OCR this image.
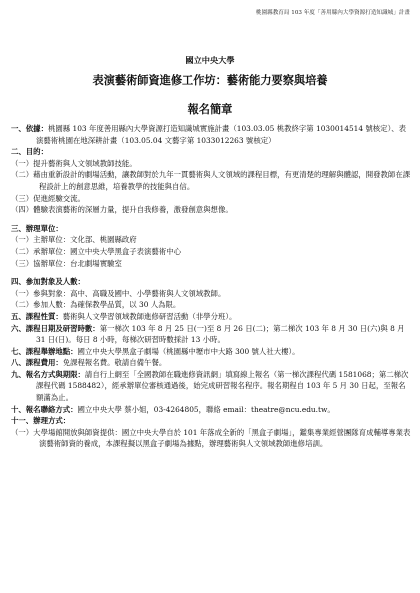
桃園縣教育局 103 年度「善用縣內大學資源打造知識城」計畫
國立中央大學
表演藝術師資進修工作坊：藝術能力要察與培養
報名簡章
一、依據：桃園縣 103 年度善用縣內大學資源打造知識城實施計畫（103.03.05 桃教終字第 1030014514 號核定）、表演藝術桃園在地深耕計畫（103.05.04 文藝字第 1033012263 號核定）
二、目的：
（一）提升藝術與人文領域教師技能。
（二）藉由重新設計的劇場活動，讓教師對於九年一貫藝術與人文領域的課程目標，有更清楚的理解與體認，開發教師在課程設計上的創意思維，培養教學的技能與自信。
（三）促進經驗交流。
（四）體驗表演藝術的深層力量，提升自我修養，激發創意與想像。
三、辦理單位：
（一）主辦單位：文化部、桃園縣政府
（二）承辦單位：國立中央大學黑盒子表演藝術中心
（三）協辦單位：台北劇場實驗室
四、參加對象及人數：
（一）參與對象：高中、高職及國中、小學藝術與人文領域教師。
（二）參加人數：為確保教學品質，以 30 人為限。
五、課程性質：藝術與人文學習領域教師進修研習活動（非學分班）。
六、課程日期及研習時數：第一梯次 103 年 8 月 25 日(一)至 8 月 26 日(二)；第二梯次 103 年 8 月 30 日(六)與 8 月 31 日(日)。每日 8 小時，每梯次研習時數採計 13 小時。
七、課程舉辦地點：國立中央大學黑盒子劇場（桃園縣中壢市中大路 300 號人社大樓）。
八、課程費用：免課程報名費。敬請自備午餐。
九、報名方式與期限：請自行上網至「全國教師在職進修資訊網」填寫線上報名（第一梯次課程代碼 1581068；第二梯次課程代碼 1588482），經承辦單位審核通過後，始完成研習報名程序。報名期程自 103 年 5 月 30 日起，至報名額滿為止。
十、報名聯絡方式：國立中央大學 蔡小姐，03-4264805，聯絡 email：theatre@ncu.edu.tw。
十一、辦理方式：
（一）大學場館開放與師資提供：國立中央大學自於 101 年落成全新的「黑盒子劇場」，鑑集專業經營團隊育成輔導專業表演藝術師資的養成，本課程擬以黑盒子劇場為據點，辦理藝術與人文領域教師進修培訓。
